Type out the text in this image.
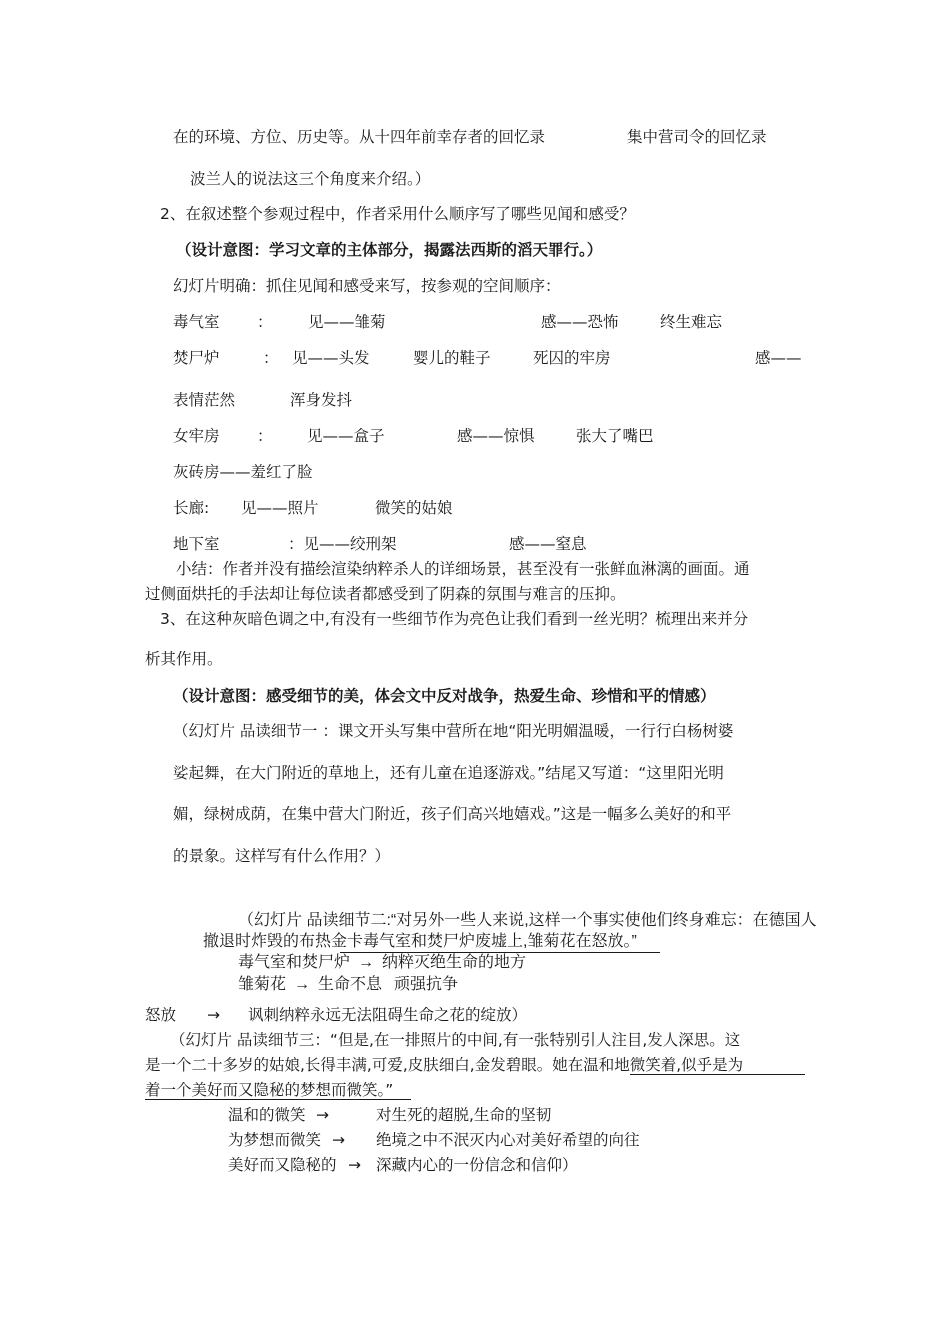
在的环境、方位、历史等。从十四年前幸存者的回忆录	集中营司令的回忆录
波兰人的说法这三个角度来介绍。）
2、在叙述整个参观过程中，作者采用什么顺序写了哪些见闻和感受？
（设计意图：学习文章的主体部分，揭露法西斯的滔天罪行。）
幻灯片明确：抓住见闻和感受来写，按参观的空间顺序：
毒气室 ： 见——雏菊	感——恐怖	终生难忘
焚尸炉	： 见——头发	婴儿的鞋子	死囚的牢房	感——
表情茫然	浑身发抖
女牢房 ： 见——盒子	感——惊惧	张大了嘴巴
灰砖房——羞红了脸
长廊: 见——照片	微笑的姑娘
地下室	：见——绞刑架	感——窒息
小结：作者并没有描绘渲染纳粹杀人的详细场景，甚至没有一张鲜血淋漓的画面。通
过侧面烘托的手法却让每位读者都感受到了阴森的氛围与难言的压抑。
3、在这种灰暗色调之中,有没有一些细节作为亮色让我们看到一丝光明？梳理出来并分
析其作用。
（设计意图：感受细节的美，体会文中反对战争，热爱生命、珍惜和平的情感）
（幻灯片 品读细节一 ：课文开头写集中营所在地“阳光明媚温暖，一行行白杨树婆
娑起舞，在大门附近的草地上，还有儿童在追逐游戏。”结尾又写道：“这里阳光明
媚，绿树成荫，在集中营大门附近，孩子们高兴地嬉戏。”这是一幅多么美好的和平
的景象。这样写有什么作用？）
（幻灯片 品读细节二:“对另外一些人来说,这样一个事实使他们终身难忘：在德国人
撤退时炸毁的布热金卡毒气室和焚尸炉废墟上,雏菊花在怒放。”
毒气室和焚尸炉 → 纳粹灭绝生命的地方
雏菊花 → 生命不息 顽强抗争
怒放 → 讽刺纳粹永远无法阻碍生命之花的绽放）
（幻灯片 品读细节三：“但是,在一排照片的中间,有一张特别引人注目,发人深思。这
是一个二十多岁的姑娘,长得丰满,可爱,皮肤细白,金发碧眼。她在温和地微笑着,似乎是为
着一个美好而又隐秘的梦想而微笑。”
温和的微笑 →	对生死的超脱,生命的坚韧
为梦想而微笑 → 绝境之中不泯灭内心对美好希望的向往
美好而又隐秘的 → 深藏内心的一份信念和信仰）
